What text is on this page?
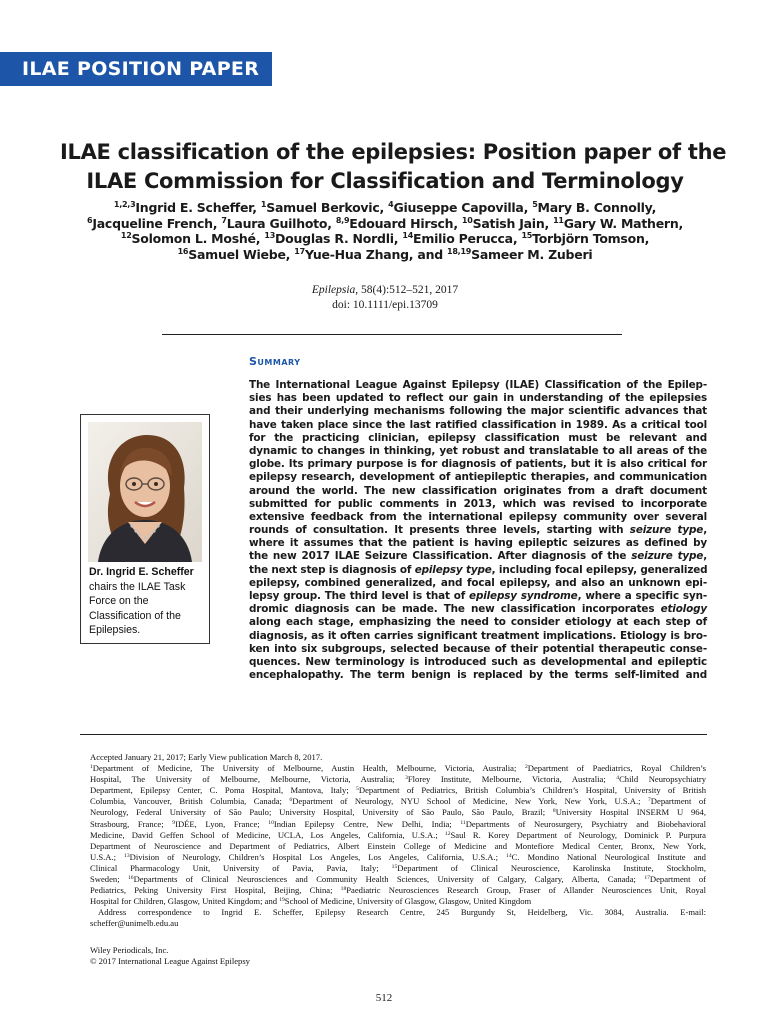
ILAE POSITION PAPER
ILAE classification of the epilepsies: Position paper of the
ILAE Commission for Classification and Terminology
$^{1,2,3}$Ingrid E. Scheffer, $^1$Samuel Berkovic, $^4$Giuseppe Capovilla, $^5$Mary B. Connolly,
$^6$Jacqueline French, $^7$Laura Guilhoto, $^{8,9}$Edouard Hirsch, $^{10}$Satish Jain, $^{11}$Gary W. Mathern,
$^{12}$Solomon L. Moshé, $^{13}$Douglas R. Nordli, $^{14}$Emilio Perucca, $^{15}$Torbjörn Tomson,
$^{16}$Samuel Wiebe, $^{17}$Yue-Hua Zhang, and $^{18,19}$Sameer M. Zuberi
Epilepsia, 58(4):512–521, 2017
doi: 10.1111/epi.13709
Summary
The International League Against Epilepsy (ILAE) Classification of the Epilep-
sies has been updated to reflect our gain in understanding of the epilepsies
and their underlying mechanisms following the major scientific advances that
have taken place since the last ratified classification in 1989. As a critical tool
for the practicing clinician, epilepsy classification must be relevant and
dynamic to changes in thinking, yet robust and translatable to all areas of the
globe. Its primary purpose is for diagnosis of patients, but it is also critical for
epilepsy research, development of antiepileptic therapies, and communication
around the world. The new classification originates from a draft document
submitted for public comments in 2013, which was revised to incorporate
extensive feedback from the international epilepsy community over several
rounds of consultation. It presents three levels, starting with seizure type,
where it assumes that the patient is having epileptic seizures as defined by
the new 2017 ILAE Seizure Classification. After diagnosis of the seizure type,
the next step is diagnosis of epilepsy type, including focal epilepsy, generalized
epilepsy, combined generalized, and focal epilepsy, and also an unknown epi-
lepsy group. The third level is that of epilepsy syndrome, where a specific syn-
dromic diagnosis can be made. The new classification incorporates etiology
along each stage, emphasizing the need to consider etiology at each step of
diagnosis, as it often carries significant treatment implications. Etiology is bro-
ken into six subgroups, selected because of their potential therapeutic conse-
quences. New terminology is introduced such as developmental and epileptic
encephalopathy. The term benign is replaced by the terms self-limited and
Dr. Ingrid E. Scheffer chairs the ILAE Task Force on the Classification of the Epilepsies.
Accepted January 21, 2017; Early View publication March 8, 2017.
$^1$Department of Medicine, The University of Melbourne, Austin Health, Melbourne, Victoria, Australia; $^2$Department of Paediatrics, Royal Children’s
Hospital, The University of Melbourne, Melbourne, Victoria, Australia; $^3$Florey Institute, Melbourne, Victoria, Australia; $^4$Child Neuropsychiatry
Department, Epilepsy Center, C. Poma Hospital, Mantova, Italy; $^5$Department of Pediatrics, British Columbia’s Children’s Hospital, University of British
Columbia, Vancouver, British Columbia, Canada; $^6$Department of Neurology, NYU School of Medicine, New York, New York, U.S.A.; $^7$Department of
Neurology, Federal University of São Paulo; University Hospital, University of São Paulo, São Paulo, Brazil; $^8$University Hospital INSERM U 964,
Strasbourg, France; $^9$IDÉE, Lyon, France; $^{10}$Indian Epilepsy Centre, New Delhi, India; $^{11}$Departments of Neurosurgery, Psychiatry and Biobehavioral
Medicine, David Geffen School of Medicine, UCLA, Los Angeles, California, U.S.A.; $^{12}$Saul R. Korey Department of Neurology, Dominick P. Purpura
Department of Neuroscience and Department of Pediatrics, Albert Einstein College of Medicine and Montefiore Medical Center, Bronx, New York,
U.S.A.; $^{13}$Division of Neurology, Children’s Hospital Los Angeles, Los Angeles, California, U.S.A.; $^{14}$C. Mondino National Neurological Institute and
Clinical Pharmacology Unit, University of Pavia, Pavia, Italy; $^{15}$Department of Clinical Neuroscience, Karolinska Institute, Stockholm,
Sweden; $^{16}$Departments of Clinical Neurosciences and Community Health Sciences, University of Calgary, Calgary, Alberta, Canada; $^{17}$Department of
Pediatrics, Peking University First Hospital, Beijing, China; $^{18}$Paediatric Neurosciences Research Group, Fraser of Allander Neurosciences Unit, Royal
Hospital for Children, Glasgow, United Kingdom; and $^{19}$School of Medicine, University of Glasgow, Glasgow, United Kingdom
Address correspondence to Ingrid E. Scheffer, Epilepsy Research Centre, 245 Burgundy St, Heidelberg, Vic. 3084, Australia. E-mail:
scheffer@unimelb.edu.au
Wiley Periodicals, Inc.
© 2017 International League Against Epilepsy
512
